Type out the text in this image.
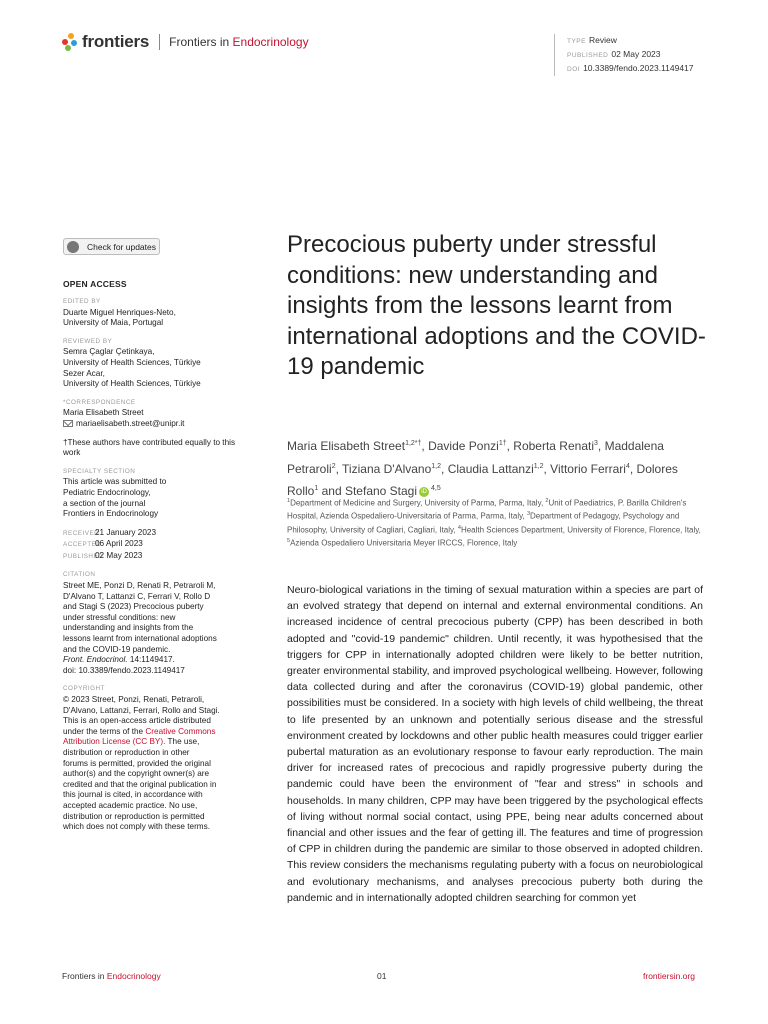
frontiers Frontiers in Endocrinology	TYPE Review
PUBLISHED 02 May 2023
DOI 10.3389/fendo.2023.1149417
Check for updates
OPEN ACCESS
EDITED BY
Duarte Miguel Henriques-Neto,
University of Maia, Portugal
REVIEWED BY
Semra Çaglar Çetinkaya,
University of Health Sciences, Türkiye
Sezer Acar,
University of Health Sciences, Türkiye
*CORRESPONDENCE
Maria Elisabeth Street
mariaelisabeth.street@unipr.it
†These authors have contributed equally to this work
SPECIALTY SECTION
This article was submitted to
Pediatric Endocrinology,
a section of the journal
Frontiers in Endocrinology
RECEIVED21 January 2023
ACCEPTED06 April 2023
PUBLISHED02 May 2023
CITATION
Street ME, Ponzi D, Renati R, Petraroli M,
D'Alvano T, Lattanzi C, Ferrari V, Rollo D
and Stagi S (2023) Precocious puberty
under stressful conditions: new
understanding and insights from the
lessons learnt from international adoptions
and the COVID-19 pandemic.
Front. Endocrinol. 14:1149417.
doi: 10.3389/fendo.2023.1149417
COPYRIGHT
© 2023 Street, Ponzi, Renati, Petraroli,
D'Alvano, Lattanzi, Ferrari, Rollo and Stagi.
This is an open-access article distributed
under the terms of the Creative Commons
Attribution License (CC BY). The use,
distribution or reproduction in other
forums is permitted, provided the original
author(s) and the copyright owner(s) are
credited and that the original publication in
this journal is cited, in accordance with
accepted academic practice. No use,
distribution or reproduction is permitted
which does not comply with these terms.
Precocious puberty under stressful conditions: new understanding and insights from the lessons learnt from international adoptions and the COVID-19 pandemic
Maria Elisabeth Street$^{1,2*\dagger}$, Davide Ponzi$^{1\dagger}$, Roberta Renati$^3$, Maddalena Petraroli$^2$, Tiziana D'Alvano$^{1,2}$, Claudia Lattanzi$^{1,2}$, Vittorio Ferrari$^4$, Dolores Rollo$^1$ and Stefano Stagi iD $^{4,5}$
$^1$Department of Medicine and Surgery, University of Parma, Parma, Italy, $^2$Unit of Paediatrics, P. Barilla Children's Hospital, Azienda Ospedaliero-Universitaria of Parma, Parma, Italy, $^3$Department of Pedagogy, Psychology and Philosophy, University of Cagliari, Cagliari, Italy, $^4$Health Sciences Department, University of Florence, Florence, Italy, $^5$Azienda Ospedaliero Universitaria Meyer IRCCS, Florence, Italy
Neuro-biological variations in the timing of sexual maturation within a species are part of an evolved strategy that depend on internal and external environmental conditions. An increased incidence of central precocious puberty (CPP) has been described in both adopted and "covid-19 pandemic" children. Until recently, it was hypothesised that the triggers for CPP in internationally adopted children were likely to be better nutrition, greater environmental stability, and improved psychological wellbeing. However, following data collected during and after the coronavirus (COVID-19) global pandemic, other possibilities must be considered. In a society with high levels of child wellbeing, the threat to life presented by an unknown and potentially serious disease and the stressful environment created by lockdowns and other public health measures could trigger earlier pubertal maturation as an evolutionary response to favour early reproduction. The main driver for increased rates of precocious and rapidly progressive puberty during the pandemic could have been the environment of "fear and stress" in schools and households. In many children, CPP may have been triggered by the psychological effects of living without normal social contact, using PPE, being near adults concerned about financial and other issues and the fear of getting ill. The features and time of progression of CPP in children during the pandemic are similar to those observed in adopted children. This review considers the mechanisms regulating puberty with a focus on neurobiological and evolutionary mechanisms, and analyses precocious puberty both during the pandemic and in internationally adopted children searching for common yet
Frontiers in Endocrinology	01	frontiersin.org
